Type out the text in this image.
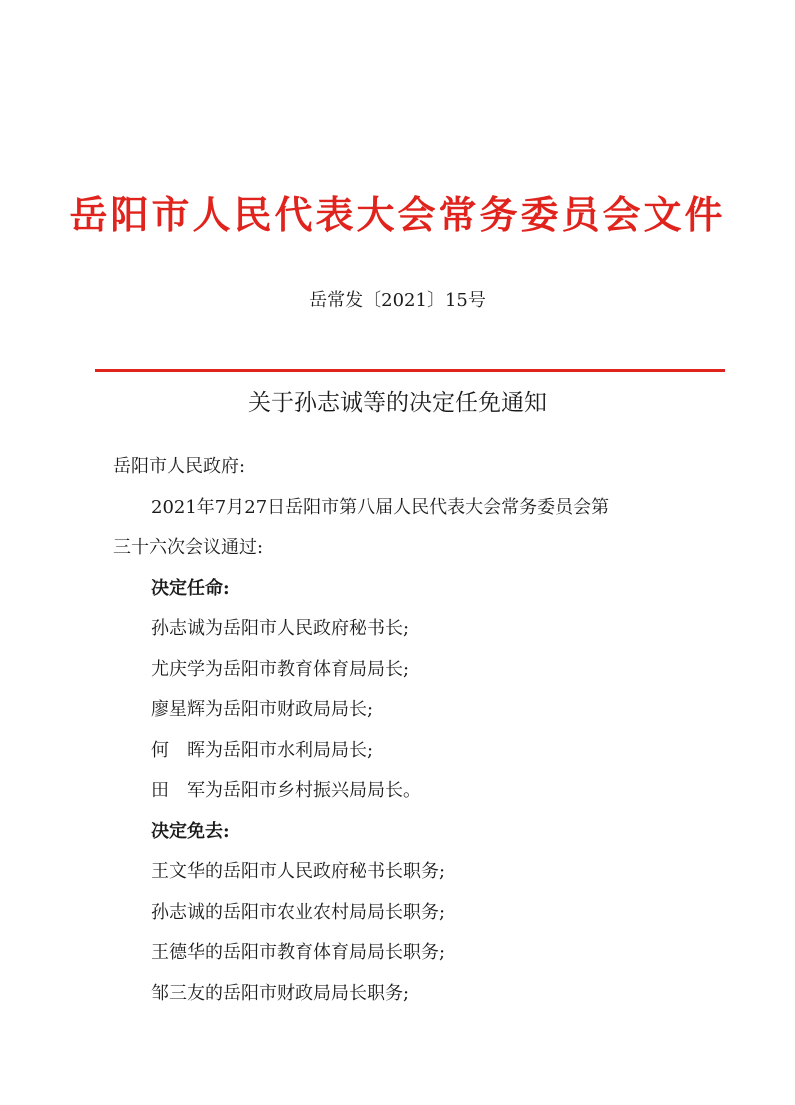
岳阳市人民代表大会常务委员会文件
岳常发〔2021〕15号
关于孙志诚等的决定任免通知
岳阳市人民政府:
2021年7月27日岳阳市第八届人民代表大会常务委员会第
三十六次会议通过:
决定任命:
孙志诚为岳阳市人民政府秘书长;
尤庆学为岳阳市教育体育局局长;
廖星辉为岳阳市财政局局长;
何　晖为岳阳市水利局局长;
田　军为岳阳市乡村振兴局局长。
决定免去:
王文华的岳阳市人民政府秘书长职务;
孙志诚的岳阳市农业农村局局长职务;
王德华的岳阳市教育体育局局长职务;
邹三友的岳阳市财政局局长职务;
